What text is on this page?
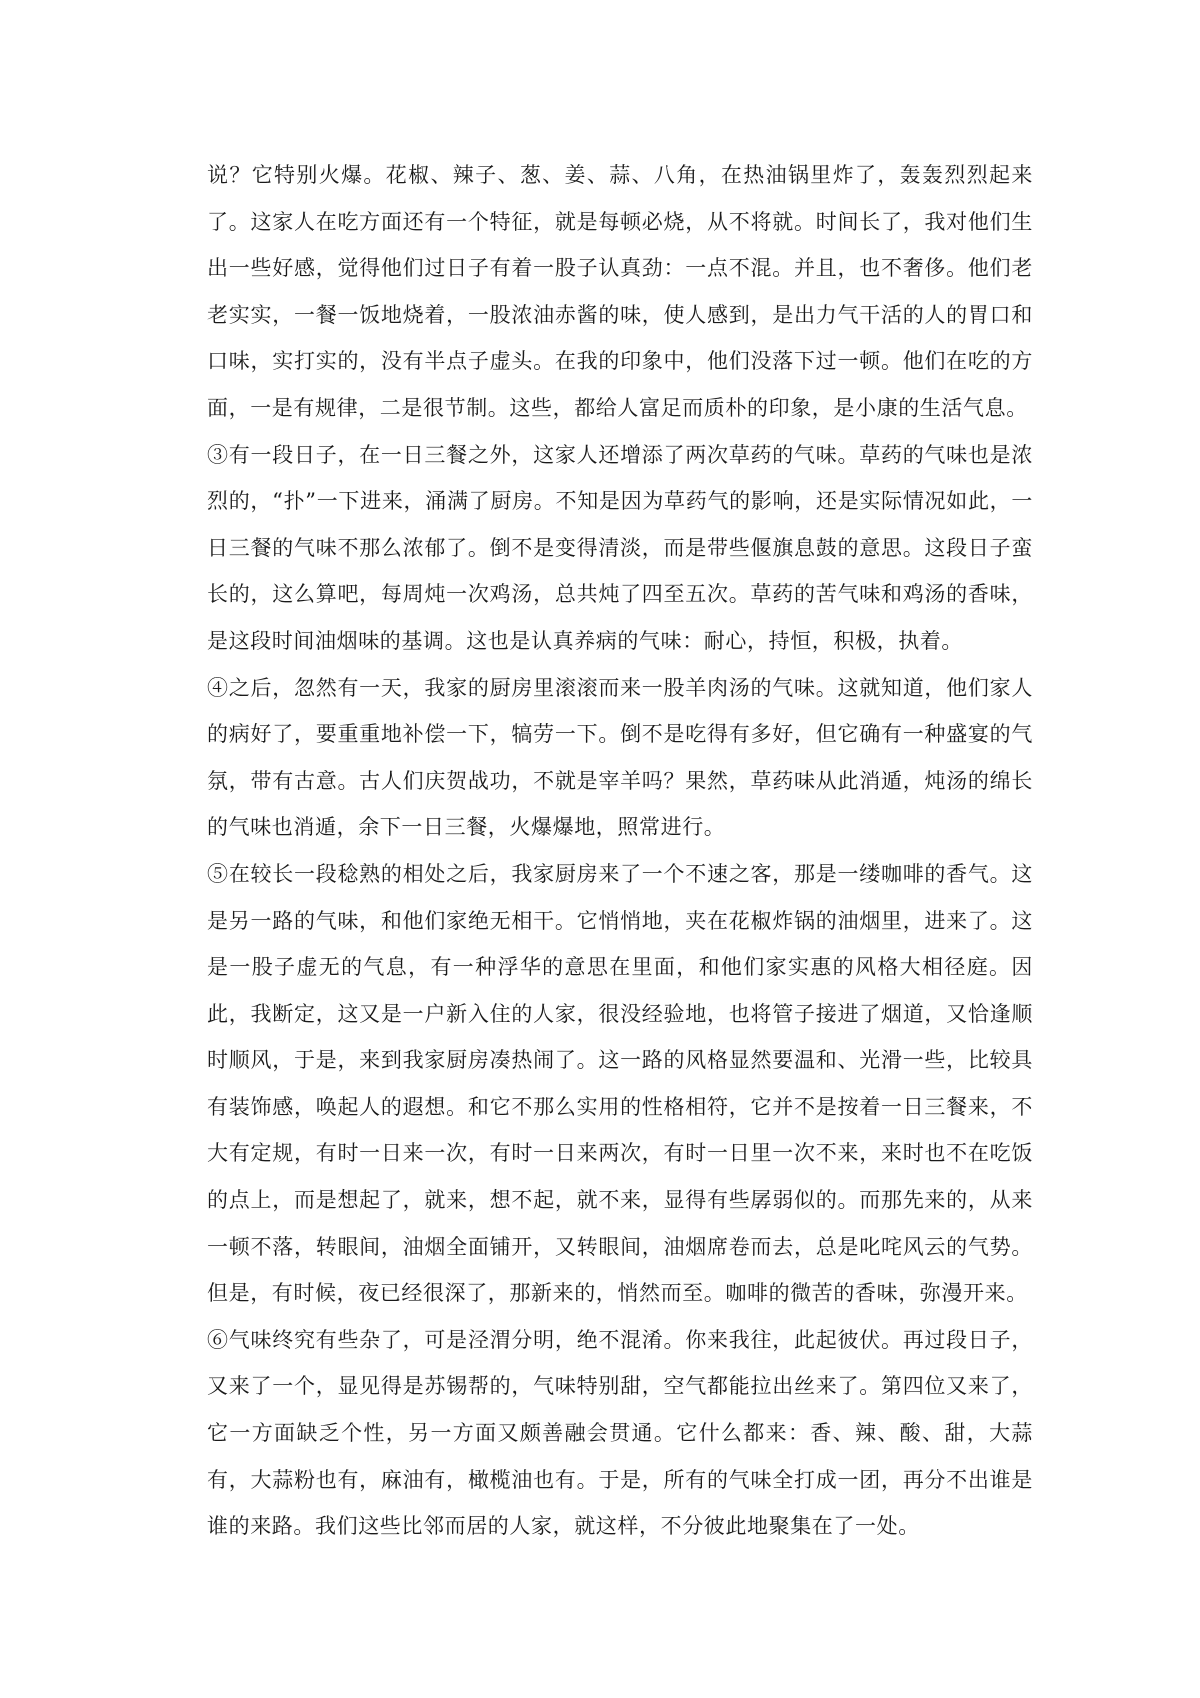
说？它特别火爆。花椒、辣子、葱、姜、蒜、八角，在热油锅里炸了，轰轰烈烈起来了。这家人在吃方面还有一个特征，就是每顿必烧，从不将就。时间长了，我对他们生出一些好感，觉得他们过日子有着一股子认真劲：一点不混。并且，也不奢侈。他们老老实实，一餐一饭地烧着，一股浓油赤酱的味，使人感到，是出力气干活的人的胃口和口味，实打实的，没有半点子虚头。在我的印象中，他们没落下过一顿。他们在吃的方面，一是有规律，二是很节制。这些，都给人富足而质朴的印象，是小康的生活气息。

③有一段日子，在一日三餐之外，这家人还增添了两次草药的气味。草药的气味也是浓烈的，“扑”一下进来，涌满了厨房。不知是因为草药气的影响，还是实际情况如此，一日三餐的气味不那么浓郁了。倒不是变得清淡，而是带些偃旗息鼓的意思。这段日子蛮长的，这么算吧，每周炖一次鸡汤，总共炖了四至五次。草药的苦气味和鸡汤的香味，是这段时间油烟味的基调。这也是认真养病的气味：耐心，持恒，积极，执着。

④之后，忽然有一天，我家的厨房里滚滚而来一股羊肉汤的气味。这就知道，他们家人的病好了，要重重地补偿一下，犒劳一下。倒不是吃得有多好，但它确有一种盛宴的气氛，带有古意。古人们庆贺战功，不就是宰羊吗？果然，草药味从此消遁，炖汤的绵长的气味也消遁，余下一日三餐，火爆爆地，照常进行。

⑤在较长一段稔熟的相处之后，我家厨房来了一个不速之客，那是一缕咖啡的香气。这是另一路的气味，和他们家绝无相干。它悄悄地，夹在花椒炸锅的油烟里，进来了。这是一股子虚无的气息，有一种浮华的意思在里面，和他们家实惠的风格大相径庭。因此，我断定，这又是一户新入住的人家，很没经验地，也将管子接进了烟道，又恰逢顺时顺风，于是，来到我家厨房凑热闹了。这一路的风格显然要温和、光滑一些，比较具有装饰感，唤起人的遐想。和它不那么实用的性格相符，它并不是按着一日三餐来，不大有定规，有时一日来一次，有时一日来两次，有时一日里一次不来，来时也不在吃饭的点上，而是想起了，就来，想不起，就不来，显得有些孱弱似的。而那先来的，从来一顿不落，转眼间，油烟全面铺开，又转眼间，油烟席卷而去，总是叱咤风云的气势。但是，有时候，夜已经很深了，那新来的，悄然而至。咖啡的微苦的香味，弥漫开来。

⑥气味终究有些杂了，可是泾渭分明，绝不混淆。你来我往，此起彼伏。再过段日子，又来了一个，显见得是苏锡帮的，气味特别甜，空气都能拉出丝来了。第四位又来了，它一方面缺乏个性，另一方面又颇善融会贯通。它什么都来：香、辣、酸、甜，大蒜有，大蒜粉也有，麻油有，橄榄油也有。于是，所有的气味全打成一团，再分不出谁是谁的来路。我们这些比邻而居的人家，就这样，不分彼此地聚集在了一处。
